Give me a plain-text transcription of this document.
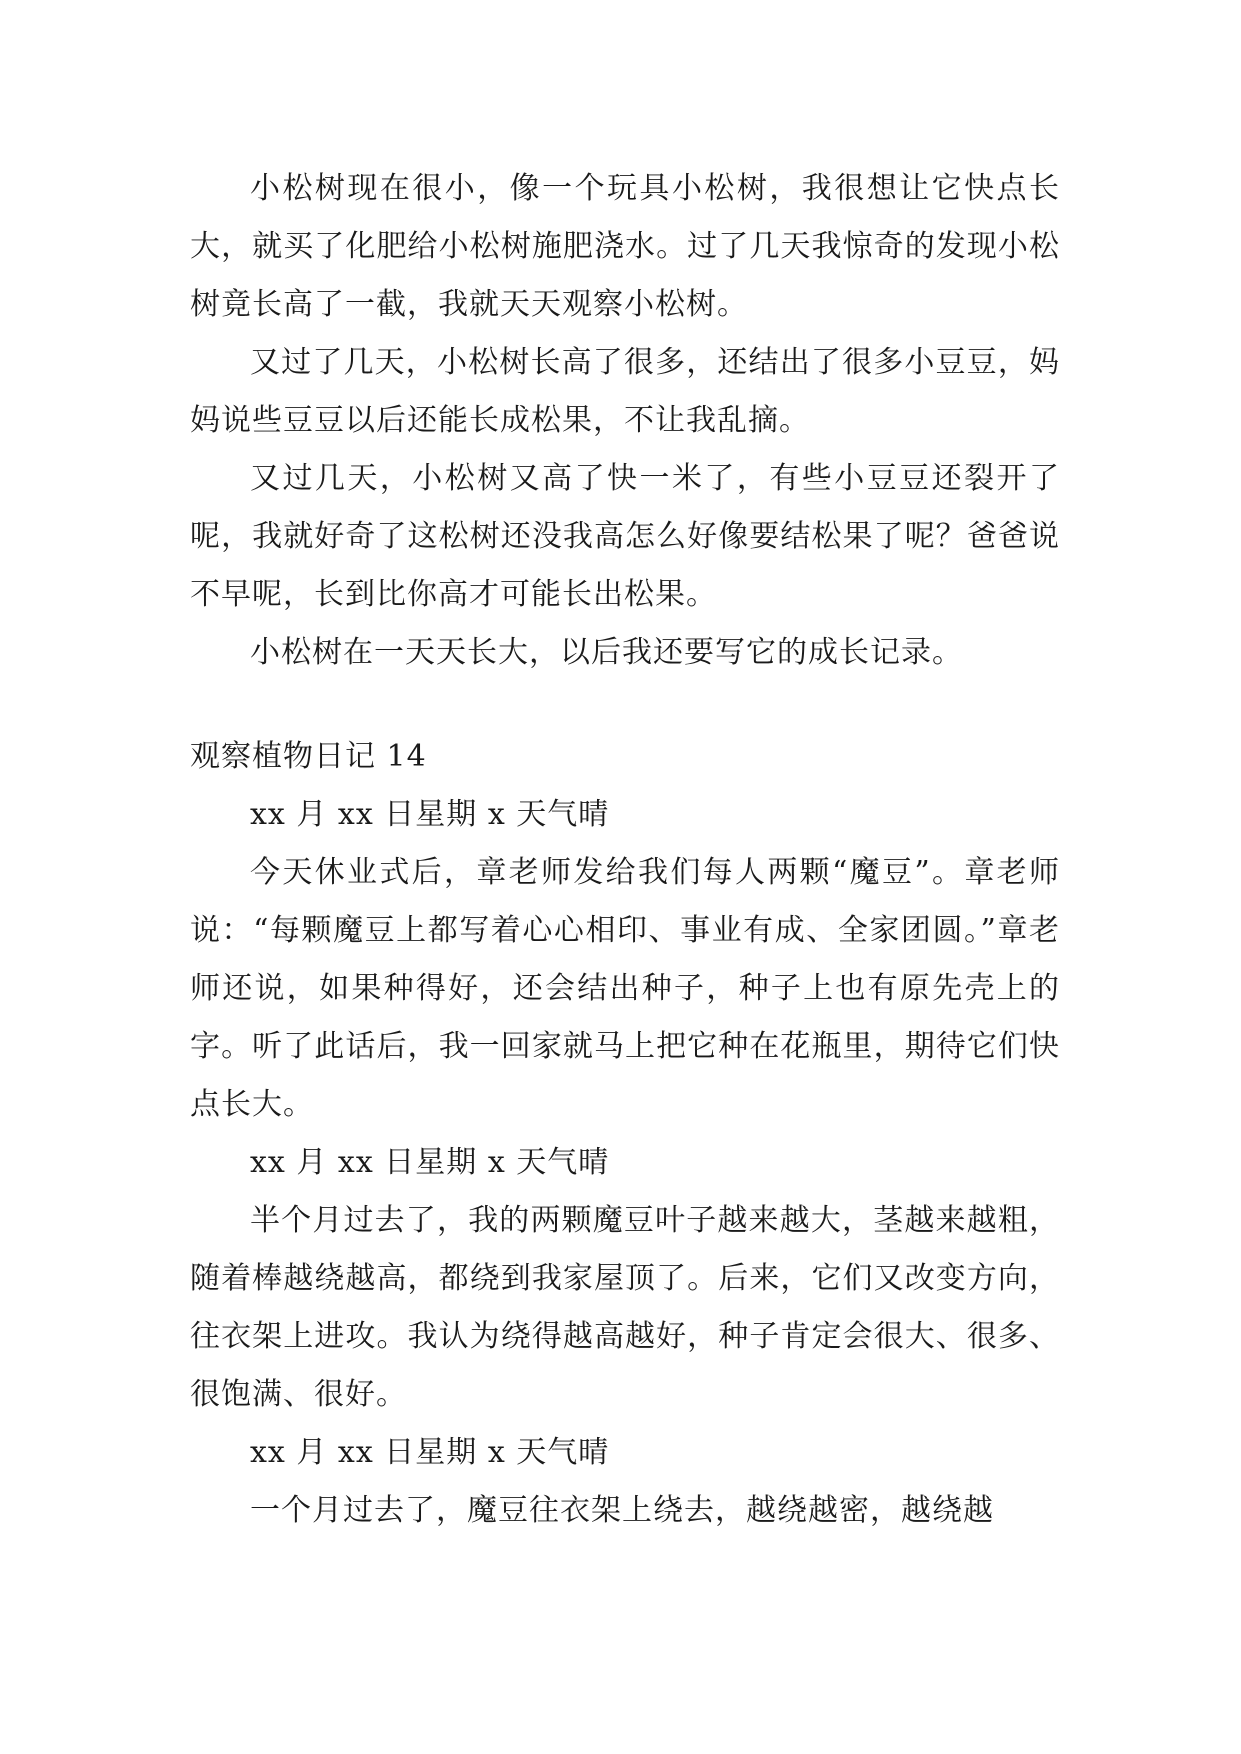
小松树现在很小，像一个玩具小松树，我很想让它快点长大，就买了化肥给小松树施肥浇水。过了几天我惊奇的发现小松树竟长高了一截，我就天天观察小松树。

又过了几天，小松树长高了很多，还结出了很多小豆豆，妈妈说些豆豆以后还能长成松果，不让我乱摘。

又过几天，小松树又高了快一米了，有些小豆豆还裂开了呢，我就好奇了这松树还没我高怎么好像要结松果了呢？爸爸说不早呢，长到比你高才可能长出松果。

小松树在一天天长大，以后我还要写它的成长记录。

观察植物日记 14

xx 月 xx 日星期 x 天气晴

今天休业式后，章老师发给我们每人两颗“魔豆”。章老师说：“每颗魔豆上都写着心心相印、事业有成、全家团圆。”章老师还说，如果种得好，还会结出种子，种子上也有原先壳上的字。听了此话后，我一回家就马上把它种在花瓶里，期待它们快点长大。

xx 月 xx 日星期 x 天气晴

半个月过去了，我的两颗魔豆叶子越来越大，茎越来越粗，随着棒越绕越高，都绕到我家屋顶了。后来，它们又改变方向，往衣架上进攻。我认为绕得越高越好，种子肯定会很大、很多、很饱满、很好。

xx 月 xx 日星期 x 天气晴

一个月过去了，魔豆往衣架上绕去，越绕越密，越绕越
